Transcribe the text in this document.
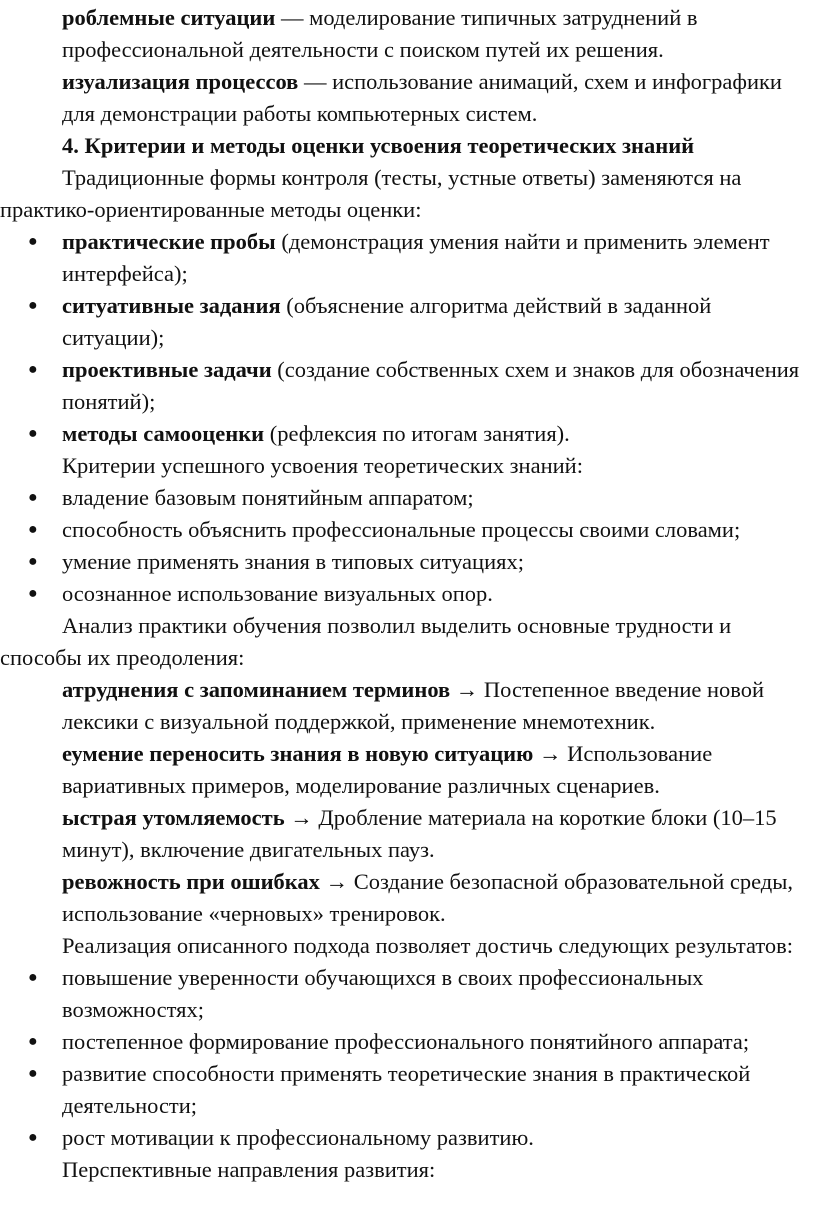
роблемные ситуации — моделирование типичных затруднений в профессиональной деятельности с поиском путей их решения.

изуализация процессов — использование анимаций, схем и инфографики для демонстрации работы компьютерных систем.

4. Критерии и методы оценки усвоения теоретических знаний

Традиционные формы контроля (тесты, устные ответы) заменяются на практико-ориентированные методы оценки:

● практические пробы (демонстрация умения найти и применить элемент интерфейса);

● ситуативные задания (объяснение алгоритма действий в заданной ситуации);

● проективные задачи (создание собственных схем и знаков для обозначения понятий);

● методы самооценки (рефлексия по итогам занятия).

Критерии успешного усвоения теоретических знаний:

● владение базовым понятийным аппаратом;

● способность объяснить профессиональные процессы своими словами;

● умение применять знания в типовых ситуациях;

● осознанное использование визуальных опор.

Анализ практики обучения позволил выделить основные трудности и способы их преодоления:

атруднения с запоминанием терминов → Постепенное введение новой лексики с визуальной поддержкой, применение мнемотехник.

еумение переносить знания в новую ситуацию → Использование вариативных примеров, моделирование различных сценариев.

ыстрая утомляемость → Дробление материала на короткие блоки (10–15 минут), включение двигательных пауз.

ревожность при ошибках → Создание безопасной образовательной среды, использование «черновых» тренировок.

Реализация описанного подхода позволяет достичь следующих результатов:

● повышение уверенности обучающихся в своих профессиональных возможностях;

● постепенное формирование профессионального понятийного аппарата;

● развитие способности применять теоретические знания в практической деятельности;

● рост мотивации к профессиональному развитию.

Перспективные направления развития:
